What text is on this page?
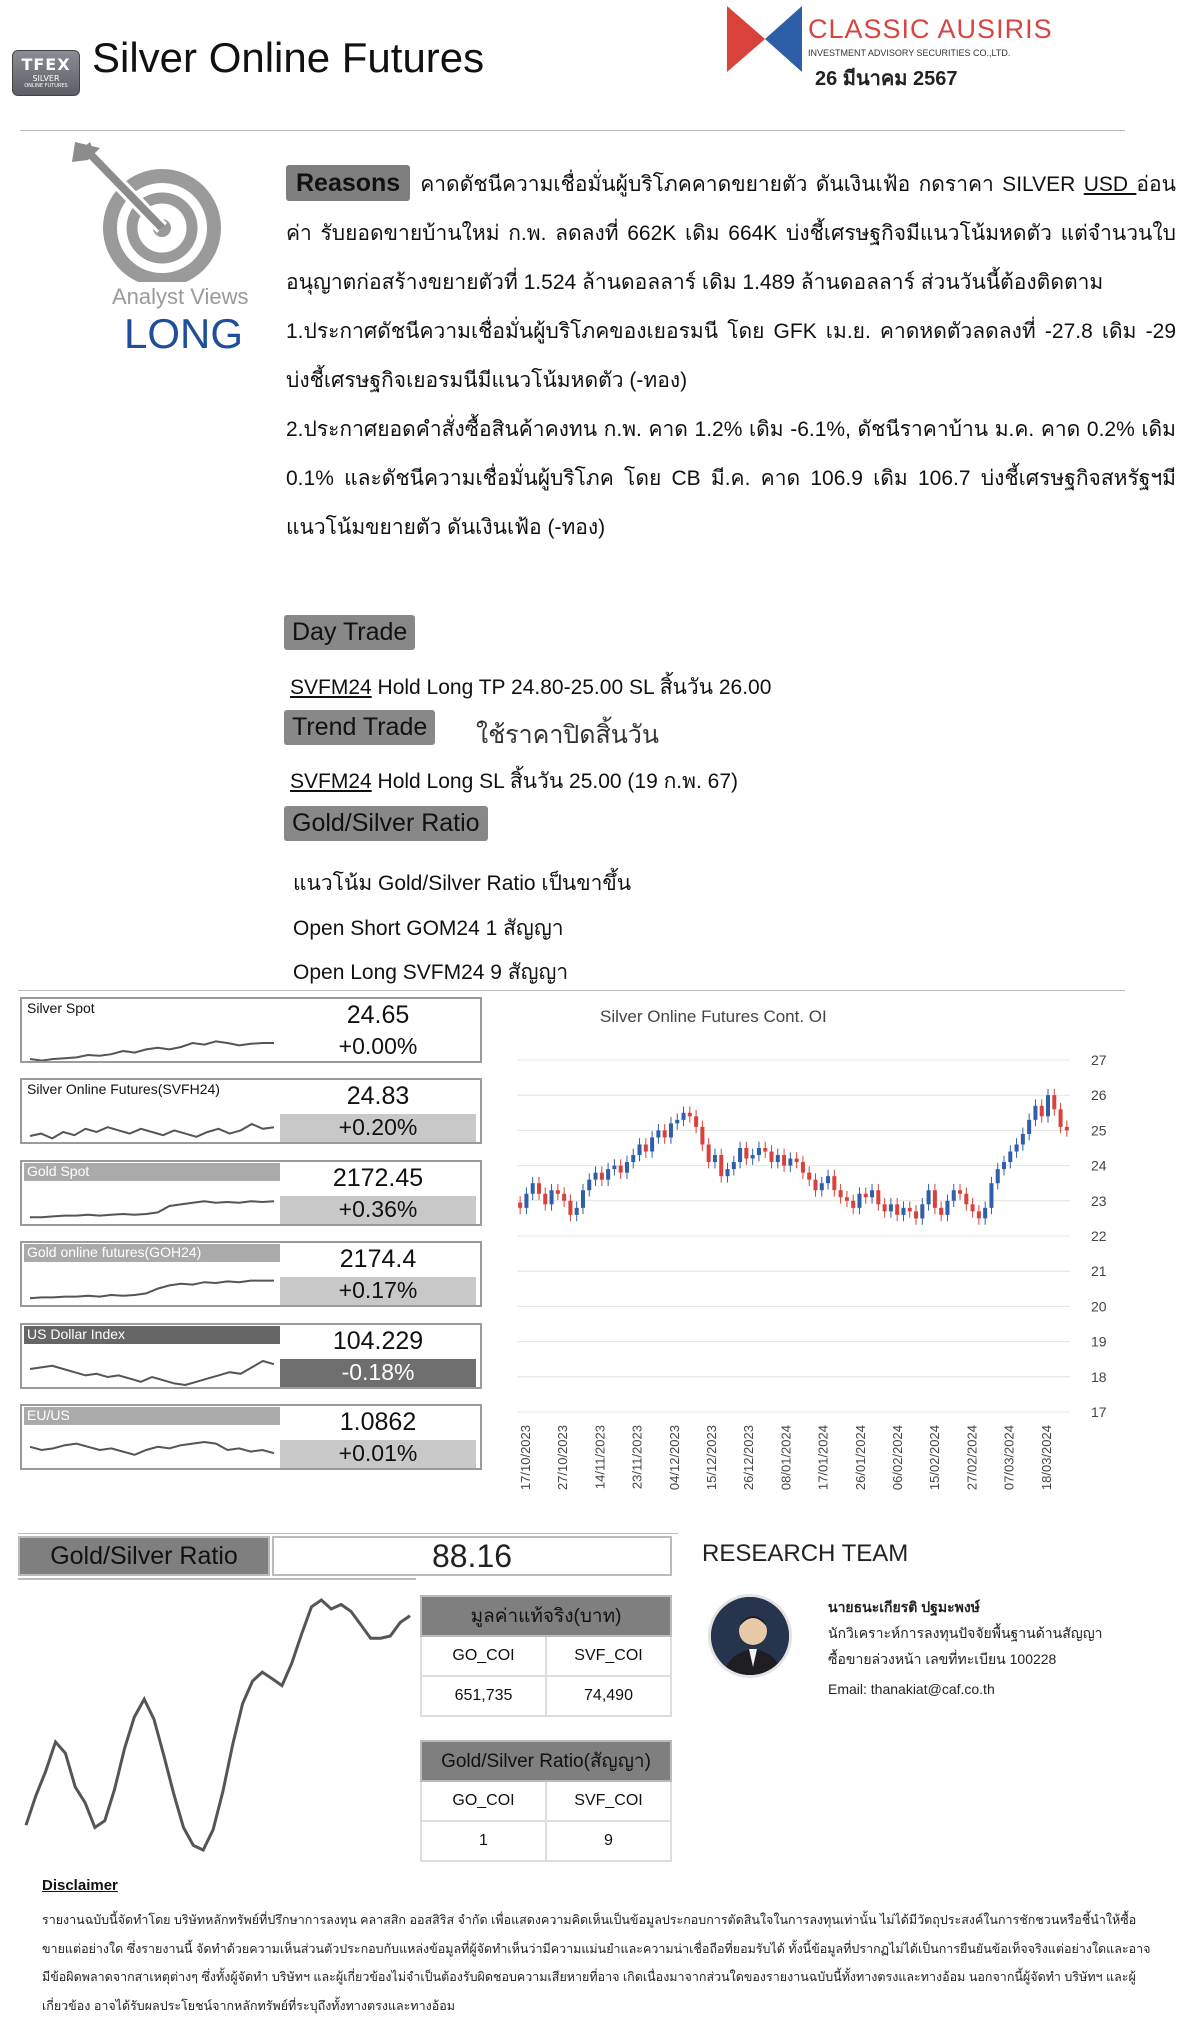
TFEX
SILVER
ONLINE FUTURES
Silver Online Futures
CLASSIC AUSIRIS
INVESTMENT ADVISORY SECURITIES CO.,LTD.
26 มีนาคม 2567
Analyst Views
LONG
Reasons คาดดัชนีความเชื่อมั่นผู้บริโภคคาดขยายตัว ดันเงินเฟ้อ กดราคา SILVER USD อ่อนค่า รับยอดขายบ้านใหม่ ก.พ. ลดลงที่ 662K เดิม 664K บ่งชี้เศรษฐกิจมีแนวโน้มหดตัว แต่จำนวนใบอนุญาตก่อสร้างขยายตัวที่ 1.524 ล้านดอลลาร์ เดิม 1.489 ล้านดอลลาร์ ส่วนวันนี้ต้องติดตาม
1.ประกาศดัชนีความเชื่อมั่นผู้บริโภคของเยอรมนี โดย GFK เม.ย. คาดหดตัวลดลงที่ -27.8 เดิม -29 บ่งชี้เศรษฐกิจเยอรมนีมีแนวโน้มหดตัว (-ทอง)
2.ประกาศยอดคำสั่งซื้อสินค้าคงทน ก.พ. คาด 1.2% เดิม -6.1%, ดัชนีราคาบ้าน ม.ค. คาด 0.2% เดิม 0.1% และดัชนีความเชื่อมั่นผู้บริโภค โดย CB มี.ค. คาด 106.9 เดิม 106.7 บ่งชี้เศรษฐกิจสหรัฐฯมีแนวโน้มขยายตัว ดันเงินเฟ้อ (-ทอง)
Day Trade
SVFM24 Hold Long TP 24.80-25.00 SL สิ้นวัน 26.00
Trend Trade	ใช้ราคาปิดสิ้นวัน
SVFM24 Hold Long SL สิ้นวัน 25.00 (19 ก.พ. 67)
Gold/Silver Ratio
แนวโน้ม Gold/Silver Ratio เป็นขาขึ้น
Open Short GOM24 1 สัญญา
Open Long SVFM24 9 สัญญา
Silver Spot	24.65
+0.00%
Silver Online Futures(SVFH24)	24.83
+0.20%
Gold Spot	2172.45
+0.36%
Gold online futures(GOH24)	2174.4
+0.17%
US Dollar Index	104.229
-0.18%
EU/US	1.0862
+0.01%
Silver Online Futures Cont. OI
27
26
25
24
23
22
21
20
19
18
17
17/10/2023 27/10/2023 14/11/2023 23/11/2023 04/12/2023 15/12/2023 26/12/2023 08/01/2024 17/01/2024 26/01/2024 06/02/2024 15/02/2024 27/02/2024 07/03/2024 18/03/2024
Gold/Silver Ratio	88.16	RESEARCH TEAM
มูลค่าแท้จริง(บาท)	
GO_COI	SVF_COI
651,735	74,490
Gold/Silver Ratio(สัญญา)	
GO_COI	SVF_COI
1	9
นายธนะเกียรติ ปฐมะพงษ์
นักวิเคราะห์การลงทุนปัจจัยพื้นฐานด้านสัญญา
ซื้อขายล่วงหน้า เลขที่ทะเบียน 100228
Email: thanakiat@caf.co.th
Disclaimer
รายงานฉบับนี้จัดทำโดย บริษัทหลักทรัพย์ที่ปรึกษาการลงทุน คลาสสิก ออสสิริส จำกัด เพื่อแสดงความคิดเห็นเป็นข้อมูลประกอบการตัดสินใจในการลงทุนเท่านั้น ไม่ได้มีวัตถุประสงค์ในการชักชวนหรือชี้นำให้ซื้อขายแต่อย่างใด ซึ่งรายงานนี้ จัดทำด้วยความเห็นส่วนตัวประกอบกับแหล่งข้อมูลที่ผู้จัดทำเห็นว่ามีความแม่นยำและความน่าเชื่อถือที่ยอมรับได้ ทั้งนี้ข้อมูลที่ปรากฏไม่ได้เป็นการยืนยันข้อเท็จจริงแต่อย่างใดและอาจมีข้อผิดพลาดจากสาเหตุต่างๆ ซึ่งทั้งผู้จัดทำ บริษัทฯ และผู้เกี่ยวข้องไม่จำเป็นต้องรับผิดชอบความเสียหายที่อาจ เกิดเนื่องมาจากส่วนใดของรายงานฉบับนี้ทั้งทางตรงและทางอ้อม นอกจากนี้ผู้จัดทำ บริษัทฯ และผู้เกี่ยวข้อง อาจได้รับผลประโยชน์จากหลักทรัพย์ที่ระบุถึงทั้งทางตรงและทางอ้อม
